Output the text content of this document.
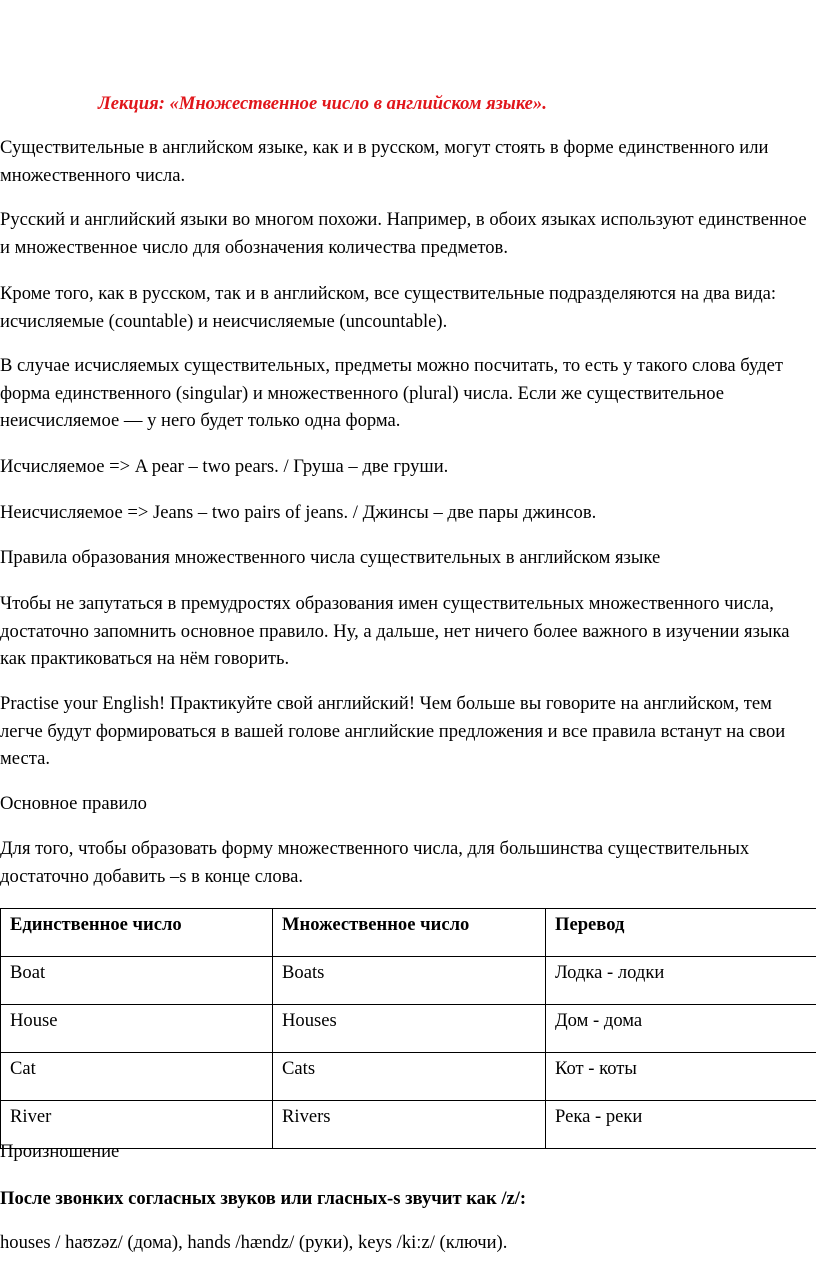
Лекция: «Множественное число в английском языке».

Существительные в английском языке, как и в русском, могут стоять в форме единственного или множественного числа.

Русский и английский языки во многом похожи. Например, в обоих языках используют единственное и множественное число для обозначения количества предметов.

Кроме того, как в русском, так и в английском, все существительные подразделяются на два вида: исчисляемые (countable) и неисчисляемые (uncountable).

В случае исчисляемых существительных, предметы можно посчитать, то есть у такого слова будет форма единственного (singular) и множественного (plural) числа. Если же существительное неисчисляемое — у него будет только одна форма.

Исчисляемое => A pear – two pears. / Груша – две груши.

Неисчисляемое => Jeans – two pairs of jeans. / Джинсы – две пары джинсов.

Правила образования множественного числа существительных в английском языке

Чтобы не запутаться в премудростях образования имен существительных множественного числа, достаточно запомнить основное правило. Ну, а дальше, нет ничего более важного в изучении языка как практиковаться на нём говорить.

Practise your English! Практикуйте свой английский! Чем больше вы говорите на английском, тем легче будут формироваться в вашей голове английские предложения и все правила встанут на свои места.

Основное правило

Для того, чтобы образовать форму множественного числа, для большинства существительных достаточно добавить –s в конце слова.

Единственное число	Множественное число	Перевод
Boat	Boats	Лодка - лодки
House	Houses	Дом - дома
Cat	Cats	Кот - коты
River	Rivers	Река - реки

Произношение

После звонких согласных звуков или гласных-s звучит как /z/:

houses / haʊzəz/ (дома), hands /hændz/ (руки), keys /kiːz/ (ключи).
